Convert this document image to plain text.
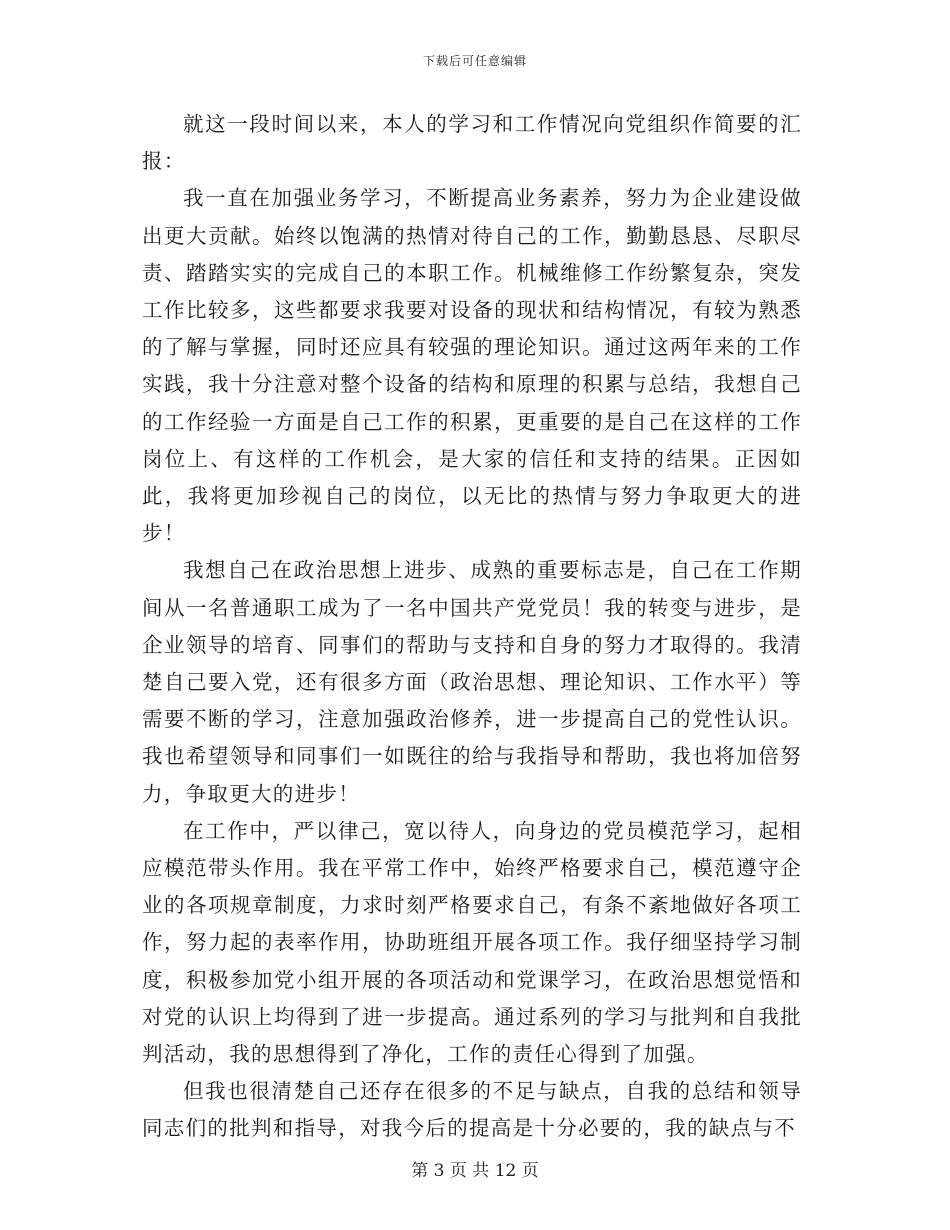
下载后可任意编辑

就这一段时间以来，本人的学习和工作情况向党组织作简要的汇报：

我一直在加强业务学习，不断提高业务素养，努力为企业建设做出更大贡献。始终以饱满的热情对待自己的工作，勤勤恳恳、尽职尽责、踏踏实实的完成自己的本职工作。机械维修工作纷繁复杂，突发工作比较多，这些都要求我要对设备的现状和结构情况，有较为熟悉的了解与掌握，同时还应具有较强的理论知识。通过这两年来的工作实践，我十分注意对整个设备的结构和原理的积累与总结，我想自己的工作经验一方面是自己工作的积累，更重要的是自己在这样的工作岗位上、有这样的工作机会，是大家的信任和支持的结果。正因如此，我将更加珍视自己的岗位，以无比的热情与努力争取更大的进步！

我想自己在政治思想上进步、成熟的重要标志是，自己在工作期间从一名普通职工成为了一名中国共产党党员！我的转变与进步，是企业领导的培育、同事们的帮助与支持和自身的努力才取得的。我清楚自己要入党，还有很多方面（政治思想、理论知识、工作水平）等需要不断的学习，注意加强政治修养，进一步提高自己的党性认识。我也希望领导和同事们一如既往的给与我指导和帮助，我也将加倍努力，争取更大的进步！

在工作中，严以律己，宽以待人，向身边的党员模范学习，起相应模范带头作用。我在平常工作中，始终严格要求自己，模范遵守企业的各项规章制度，力求时刻严格要求自己，有条不紊地做好各项工作，努力起的表率作用，协助班组开展各项工作。我仔细坚持学习制度，积极参加党小组开展的各项活动和党课学习，在政治思想觉悟和对党的认识上均得到了进一步提高。通过系列的学习与批判和自我批判活动，我的思想得到了净化，工作的责任心得到了加强。

但我也很清楚自己还存在很多的不足与缺点，自我的总结和领导同志们的批判和指导，对我今后的提高是十分必要的，我的缺点与不

第 3 页 共 12 页
